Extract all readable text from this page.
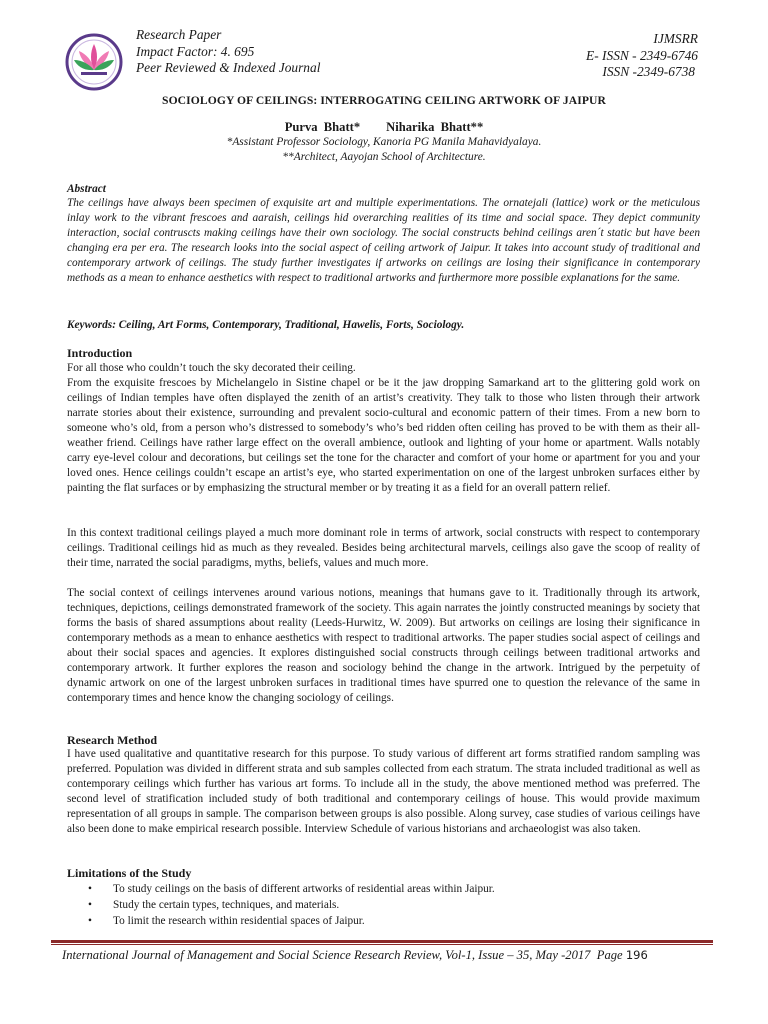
Research Paper
Impact Factor: 4. 695
Peer Reviewed & Indexed Journal
IJMSRR
E- ISSN - 2349-6746
ISSN -2349-6738
SOCIOLOGY OF CEILINGS: INTERROGATING CEILING ARTWORK OF JAIPUR
Purva Bhatt* Niharika Bhatt**
*Assistant Professor Sociology, Kanoria PG Manila Mahavidyalaya.
**Architect, Aayojan School of Architecture.
Abstract
The ceilings have always been specimen of exquisite art and multiple experimentations. The ornatejali (lattice) work or the meticulous inlay work to the vibrant frescoes and aaraish, ceilings hid overarching realities of its time and social space. They depict community interaction, social contruscts making ceilings have their own sociology. The social constructs behind ceilings aren´t static but have been changing era per era. The research looks into the social aspect of ceiling artwork of Jaipur. It takes into account study of traditional and contemporary artwork of ceilings. The study further investigates if artworks on ceilings are losing their significance in contemporary methods as a mean to enhance aesthetics with respect to traditional artworks and furthermore more possible explanations for the same.
Keywords: Ceiling, Art Forms, Contemporary, Traditional, Hawelis, Forts, Sociology.
Introduction

For all those who couldn’t touch the sky decorated their ceiling.

From the exquisite frescoes by Michelangelo in Sistine chapel or be it the jaw dropping Samarkand art to the glittering gold work on ceilings of Indian temples have often displayed the zenith of an artist’s creativity. They talk to those who listen through their artwork narrate stories about their existence, surrounding and prevalent socio-cultural and economic pattern of their times. From a new born to someone who’s old, from a person who’s distressed to somebody’s who’s bed ridden often ceiling has proved to be with them as their all-weather friend. Ceilings have rather large effect on the overall ambience, outlook and lighting of your home or apartment. Walls notably carry eye-level colour and decorations, but ceilings set the tone for the character and comfort of your home or apartment for you and your loved ones. Hence ceilings couldn’t escape an artist’s eye, who started experimentation on one of the largest unbroken surfaces either by painting the flat surfaces or by emphasizing the structural member or by treating it as a field for an overall pattern relief.

In this context traditional ceilings played a much more dominant role in terms of artwork, social constructs with respect to contemporary ceilings. Traditional ceilings hid as much as they revealed. Besides being architectural marvels, ceilings also gave the scoop of reality of their time, narrated the social paradigms, myths, beliefs, values and much more.
The social context of ceilings intervenes around various notions, meanings that humans gave to it. Traditionally through its artwork, techniques, depictions, ceilings demonstrated framework of the society. This again narrates the jointly constructed meanings by society that forms the basis of shared assumptions about reality (Leeds-Hurwitz, W. 2009). But artworks on ceilings are losing their significance in contemporary methods as a mean to enhance aesthetics with respect to traditional artworks. The paper studies social aspect of ceilings and about their social spaces and agencies. It explores distinguished social constructs through ceilings between traditional artworks and contemporary artwork. It further explores the reason and sociology behind the change in the artwork. Intrigued by the perpetuity of dynamic artwork on one of the largest unbroken surfaces in traditional times have spurred one to question the relevance of the same in contemporary times and hence know the changing sociology of ceilings.
Research Method
I have used qualitative and quantitative research for this purpose. To study various of different art forms stratified random sampling was preferred. Population was divided in different strata and sub samples collected from each stratum. The strata included traditional as well as contemporary ceilings which further has various art forms. To include all in the study, the above mentioned method was preferred. The second level of stratification included study of both traditional and contemporary ceilings of house. This would provide maximum representation of all groups in sample. The comparison between groups is also possible. Along survey, case studies of various ceilings have also been done to make empirical research possible. Interview Schedule of various historians and archaeologist was also taken.
Limitations of the Study
• To study ceilings on the basis of different artworks of residential areas within Jaipur.
• Study the certain types, techniques, and materials.
• To limit the research within residential spaces of Jaipur.
International Journal of Management and Social Science Research Review, Vol-1, Issue – 35, May -2017 Page 196
